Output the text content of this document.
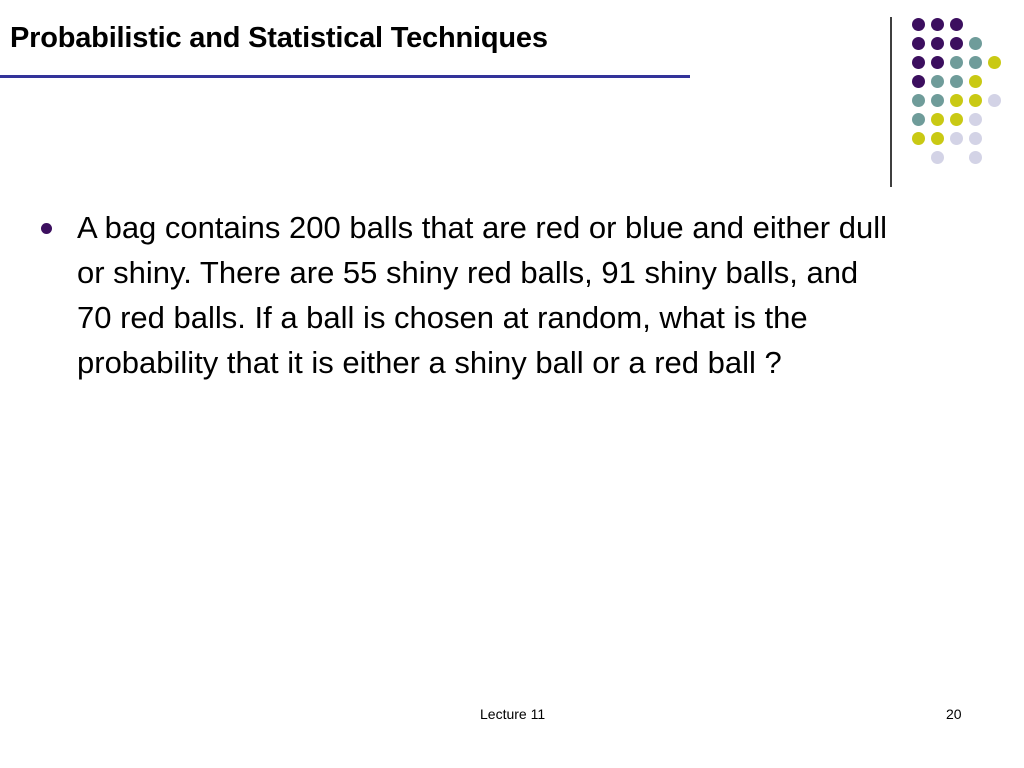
Probabilistic and Statistical Techniques
A bag contains 200 balls that are red or blue and either dull or shiny. There are 55 shiny red balls, 91 shiny balls, and 70 red balls. If a ball is chosen at random, what is the probability that it is either a shiny ball or a red ball ?
Lecture 11	20
